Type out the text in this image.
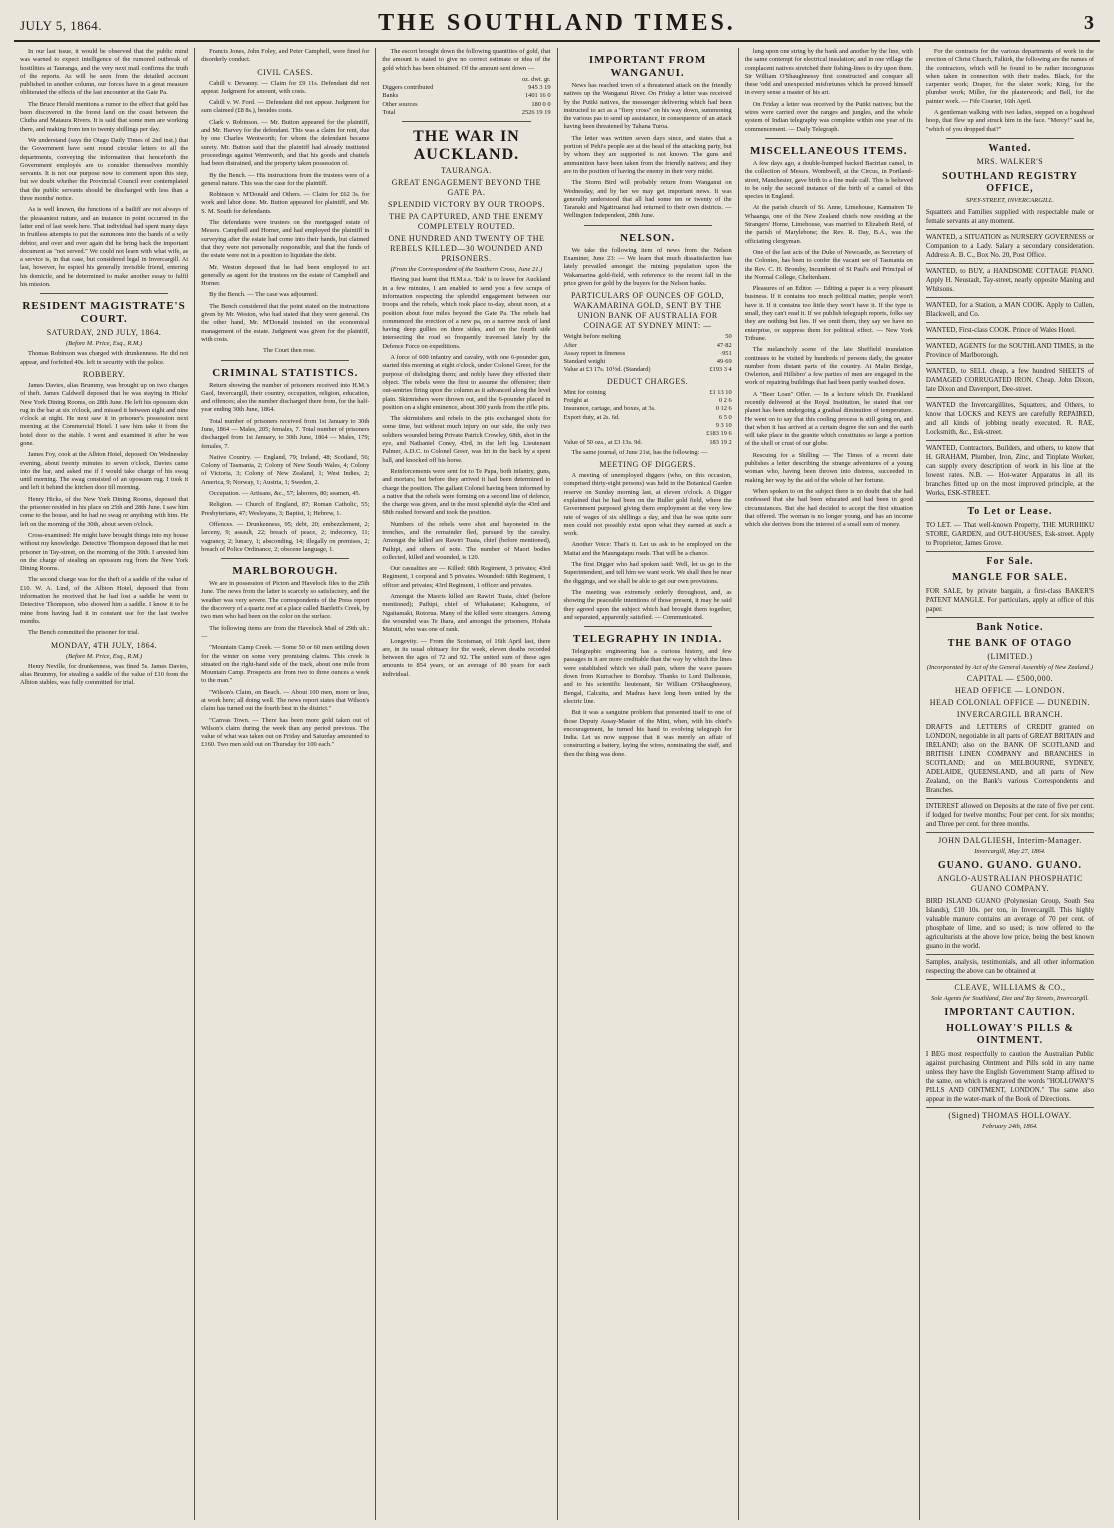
JULY 5, 1864.	THE SOUTHLAND TIMES.	3

In our last issue, it would be observed that the public mind was warned to expect intelligence of the rumored outbreak of hostilities at Tauranga, and the very next mail confirms the truth of the reports. As will be seen from the detailed account published in another column, our forces have in a great measure obliterated the effects of the last encounter at the Gate Pa.

The Bruce Herald mentions a rumor to the effect that gold has been discovered in the forest land on the coast between the Clutha and Mataura Rivers. It is said that some men are working there, and making from ten to twenty shillings per day.

We understand (says the Otago Daily Times of 2nd inst.) that the Government have sent round circular letters to all the departments, conveying the information that henceforth the Government employés are to consider themselves monthly servants. It is not our purpose now to comment upon this step, but we doubt whether the Provincial Council ever contemplated that the public servants should be discharged with less than a three months' notice.

As is well known, the functions of a bailiff are not always of the pleasantest nature, and an instance in point occurred in the latter end of last week here. That individual had spent many days in fruitless attempts to put the summons into the hands of a wily debtor, and over and over again did he bring back the important document as "not served." We could not learn with what wife, as a service is, in that case, but considered legal in Invercargill. At last, however, he espied his generally invisible friend, entering his domicile, and he determined to make another essay to fulfil his mission.

RESIDENT MAGISTRATE'S COURT.
SATURDAY, 2ND JULY, 1864.
(Before M. Price, Esq., R.M.)

Thomas Robinson was charged with drunkenness. He did not appear, and forfeited 40s. left in security with the police.

ROBBERY.

James Davies, alias Brummy, was brought up on two charges of theft. James Caldwell deposed that he was staying in Hicks' New York Dining Rooms, on 28th June. He left his opossum skin rug in the bar at six o'clock, and missed it between eight and nine o'clock at night. He next saw it in prisoner's possession next morning at the Commercial Hotel. I saw him take it from the hotel door to the stable. I went and examined it after he was gone.

James Foy, cook at the Albion Hotel, deposed: On Wednesday evening, about twenty minutes to seven o'clock, Davies came into the bar, and asked me if I would take charge of his swag until morning. The swag consisted of an opossum rug. I took it and left it behind the kitchen door till morning.

Henry Hicks, of the New York Dining Rooms, deposed that the prisoner resided in his place on 25th and 28th June. I saw him come to the house, and he had no swag or anything with him. He left on the morning of the 30th, about seven o'clock.

Cross-examined: He might have brought things into my house without my knowledge. Detective Thompson deposed that he met prisoner in Tay-street, on the morning of the 30th. I arrested him on the charge of stealing an opossum rug from the New York Dining Rooms.

The second charge was for the theft of a saddle of the value of £10. W. A. Lind, of the Albion Hotel, deposed that from information he received that he had lost a saddle he went to Detective Thompson, who showed him a saddle. I know it to be mine from having had it in constant use for the last twelve months.

The Bench committed the prisoner for trial.

MONDAY, 4TH JULY, 1864.
(Before M. Price, Esq., R.M.)

Henry Neville, for drunkenness, was fined 5s. James Davies, alias Brummy, for stealing a saddle of the value of £10 from the Albion stables, was fully committed for trial.

Francis Jones, John Foley, and Peter Campbell, were fined for disorderly conduct.

CIVIL CASES.

Cahill v. Devanny. — Claim for £9 11s. Defendant did not appear. Judgment for amount, with costs.

Cahill v. W. Ford. — Defendant did not appear. Judgment for sum claimed (£8 8s.), besides costs.

Clark v. Robinson. — Mr. Button appeared for the plaintiff, and Mr. Harvey for the defendant. This was a claim for rent, due by one Charles Wentworth; for whom the defendant became surety. Mr. Button said that the plaintiff had already instituted proceedings against Wentworth, and that his goods and chattels had been distrained, and the property taken possession of.

By the Bench. — His instructions from the trustees were of a general nature. This was the case for the plaintiff.

Robinson v. M'Donald and Others. — Claim for £62 3s. for work and labor done. Mr. Button appeared for plaintiff, and Mr. S. M. South for defendants.

The defendants were trustees on the mortgaged estate of Messrs. Campbell and Horner, and had employed the plaintiff in surveying after the estate had come into their hands, but claimed that they were not personally responsible, and that the funds of the estate were not in a position to liquidate the debt.

Mr. Weston deposed that he had been employed to act generally as agent for the trustees on the estate of Campbell and Horner.

By the Bench. — The case was adjourned.

The Bench considered that the point stated on the instructions given by Mr. Weston, who had stated that they were general. On the other hand, Mr. M'Donald insisted on the economical management of the estate. Judgment was given for the plaintiff, with costs.

The Court then rose.

CRIMINAL STATISTICS.

Return showing the number of prisoners received into H.M.'s Gaol, Invercargill, their country, occupation, religion, education, and offences; also the number discharged there from, for the half-year ending 30th June, 1864.

Total number of prisoners received from 1st January to 30th June, 1864 — Males, 205; females, 7. Total number of prisoners discharged from 1st January, to 30th June, 1864 — Males, 179; females, 7.

Native Country. — England, 79; Ireland, 48; Scotland, 56; Colony of Tasmania, 2; Colony of New South Wales, 4; Colony of Victoria, 3; Colony of New Zealand, 1; West Indies, 2; America, 9; Norway, 1; Austria, 1; Sweden, 2.

Occupation. — Artisans, &c., 57; laborers, 80; seamen, 45.

Religion. — Church of England, 87; Roman Catholic, 55; Presbyterians, 47; Wesleyans, 3; Baptist, 1; Hebrew, 1.

Offences. — Drunkenness, 95; debt, 20; embezzlement, 2; larceny, 9; assault, 22; breach of peace, 2; indecency, 11; vagrancy, 2; lunacy, 1; absconding, 14; illegally on premises, 2; breach of Police Ordinance, 2; obscene language, 1.

MARLBOROUGH.

We are in possession of Picton and Havelock files to the 25th June. The news from the latter is scarcely so satisfactory, and the weather was very severe. The correspondents of the Press report the discovery of a quartz reef at a place called Bartlett's Creek, by two men who had been on the color on the surface.

The following items are from the Havelock Mail of 29th ult.: —

"Mountain Camp Creek. — Some 50 or 60 men settling down for the winter on some very promising claims. This creek is situated on the right-hand side of the track, about one mile from Mountain Camp. Prospects are from two to three ounces a week to the man."

"Wilson's Claim, on Beach. — About 100 men, more or less, at work here; all doing well. The news report states that Wilson's claim has turned out the fourth best in the district."

"Canvas Town. — There has been more gold taken out of Wilson's claim during the week than any period previous. The value of what was taken out on Friday and Saturday amounted to £160. Two men sold out on Thursday for 100 each."

The escort brought down the following quantities of gold, that the amount is stated to give no correct estimate or idea of the gold which has been obtained. Of the amount sent down —

oz. dwt. gr.
Diggers contributed	945 3 19
Banks	1401 16 0
Other sources	180 0 0
Total	2526 19 19
THE WAR IN AUCKLAND.
TAURANGA.
GREAT ENGAGEMENT BEYOND THE GATE PA.
SPLENDID VICTORY BY OUR TROOPS.
THE PA CAPTURED, AND THE ENEMY COMPLETELY ROUTED.
ONE HUNDRED AND TWENTY OF THE REBELS KILLED—30 WOUNDED AND PRISONERS.
(From the Correspondent of the Southern Cross, June 21.)

Having just learnt that H.M.s.s. 'Esk' is to leave for Auckland in a few minutes, I am enabled to send you a few scraps of information respecting the splendid engagement between our troops and the rebels, which took place to-day, about noon, at a position about four miles beyond the Gate Pa. The rebels had commenced the erection of a new pa, on a narrow neck of land having deep gullies on three sides, and on the fourth side intersecting the road so frequently traversed lately by the Defence Force on expeditions.

A force of 600 infantry and cavalry, with one 6-pounder gun, started this morning at eight o'clock, under Colonel Greer, for the purpose of dislodging them; and nobly have they effected their object. The rebels were the first to assume the offensive; their out-sentries firing upon the column as it advanced along the level plain. Skirmishers were thrown out, and the 6-pounder placed in position on a slight eminence, about 300 yards from the rifle pits.

The skirmishers and rebels in the pits exchanged shots for some time, but without much injury on our side, the only two soldiers wounded being Private Patrick Crowley, 68th, shot in the eye, and Nathaniel Coney, 43rd, in the left leg. Lieutenant Palmer, A.D.C. to Colonel Greer, was hit in the back by a spent ball, and knocked off his horse.

Reinforcements were sent for to Te Papa, both infantry, guns, and mortars; but before they arrived it had been determined to charge the position. The gallant Colonel having been informed by a native that the rebels were forming on a second line of defence, the charge was given, and in the most splendid style the 43rd and 68th rushed forward and took the position.

Numbers of the rebels were shot and bayoneted in the trenches, and the remainder fled, pursued by the cavalry. Amongst the killed are Rawiri Tuaia, chief (before mentioned), Paihipi, and others of note. The number of Maori bodies collected, killed and wounded, is 120.

Our casualties are — Killed: 68th Regiment, 3 privates; 43rd Regiment, 1 corporal and 5 privates. Wounded: 68th Regiment, 1 officer and privates; 43rd Regiment, 1 officer and privates.

Amongst the Maoris killed are Rawiri Tuaia, chief (before mentioned); Paihipi, chief of Whakatane; Kahugunu, of Ngaitamaki, Rotorua. Many of the killed were strangers. Among the wounded was Te Ihara, and amongst the prisoners, Hohaia Matuiti, who was one of rank.

Longevity. — From the Scotsman, of 16th April last, there are, in its usual obituary for the week, eleven deaths recorded between the ages of 72 and 92. The united sum of these ages amounts to 854 years, or an average of 80 years for each individual.

IMPORTANT FROM WANGANUI.

News has reached town of a threatened attack on the friendly natives up the Wanganui River. On Friday a letter was received by the Putiki natives, the messenger delivering which had been instructed to act as a "fiery cross" on his way down, summoning the various pas to send up assistance, in consequence of an attack having been threatened by Tahana Turoa.

The letter was written seven days since, and states that a portion of Pehi's people are at the head of the attacking party, but by whom they are supported is not known. The guns and ammunition have been taken from the friendly natives; and they are in the position of having the enemy in their very midst.

The Storm Bird will probably return from Wanganui on Wednesday, and by her we may get important news. It was generally understood that all had some ten or twenty of the Taranaki and Ngatiruanui had returned to their own districts. — Wellington Independent, 28th June.

NELSON.

We take the following item of news from the Nelson Examiner, June 23: — We learn that much dissatisfaction has lately prevailed amongst the mining population upon the Wakamarina gold-field, with reference to the recent fall in the price given for gold by the buyers for the Nelson banks.

PARTICULARS OF OUNCES OF GOLD, WAKAMARINA GOLD, SENT BY THE UNION BANK OF AUSTRALIA FOR COINAGE AT SYDNEY MINT: —
Weight before melting	50
After	47·82
Assay report in fineness	·951
Standard weight	49·69
Value at £3 17s. 10½d. (Standard)	£193 3 4
DEDUCT CHARGES.
Mint for coining	£1 13 10
Freight at	0 2 6
Insurance, cartage, and boxes, at 3s.	0 12 6
Export duty, at 2s. 6d.	6 5 0
9 3 10
£183 19 6
Value of 50 ozs., at £3 13s. 9d.	183 19 2

The same journal, of June 21st, has the following: —

MEETING OF DIGGERS.

A meeting of unemployed diggers (who, on this occasion, comprised thirty-eight persons) was held in the Botanical Garden reserve on Sunday morning last, at eleven o'clock. A Digger explained that he had been on the Buller gold field, where the Government purposed giving them employment at the very low rate of wages of six shillings a day, and that he was quite sure men could not possibly exist upon what they earned at such a work.

Another Voice: That's it. Let us ask to be employed on the Maitai and the Maungatapu roads. That will be a chance.

The first Digger who had spoken said: Well, let us go to the Superintendent, and tell him we want work. We shall then be near the diggings, and we shall be able to get our own provisions.

The meeting was extremely orderly throughout, and, as showing the peaceable intentions of those present, it may be said they agreed upon the subject which had brought them together, and separated, apparently satisfied. — Communicated.

TELEGRAPHY IN INDIA.

Telegraphic engineering has a curious history, and few passages in it are more creditable than the way by which the lines were established which we shall pain, where the wave passes down from Kurrachee to Bombay. Thanks to Lord Dalhousie, and to his scientific lieutenant, Sir William O'Shaughnessy, Bengal, Calcutta, and Madras have long been united by the electric line.

But it was a sanguine problem that presented itself to one of those Deputy Assay-Master of the Mint, when, with his chief's encouragement, he turned his hand to evolving telegraph for India. Let us now suppose that it was merely an affair of constructing a battery, laying the wires, nominating the staff, and then the thing was done.

lung upon one string by the bank and another by the line, with the same contempt for electrical insulation; and in one village the complacent natives stretched their fishing-lines to dry upon them. Sir William O'Shaughnessy first constructed and conquer all these 'odd and unexpected misfortunes which he proved himself in every sense a master of his art.

On Friday a letter was received by the Putiki natives; but the wires were carried over the ranges and jungles, and the whole system of Indian telegraphy was complete within one year of its commencement. — Daily Telegraph.

MISCELLANEOUS ITEMS.

A few days ago, a double-humped backed Bactrian camel, in the collection of Messrs. Wombwell, at the Circus, in Portland-street, Manchester, gave birth to a fine male calf. This is believed to be only the second instance of the birth of a camel of this species in England.

At the parish church of St. Anne, Limehouse, Kannairen Te Whaanga, one of the New Zealand chiefs now residing at the Strangers' Home, Limehouse, was married to Elizabeth Reid, of the parish of Marylebone; the Rev. R. Day, B.A., was the officiating clergyman.

One of the last acts of the Duke of Newcastle, as Secretary of the Colonies, has been to confer the vacant see of Tasmania on the Rev. C. H. Bromby, Incumbent of St Paul's and Principal of the Normal College, Cheltenham.

Pleasures of an Editor. — Editing a paper is a very pleasant business. If it contains too much political matter, people won't have it. If it contains too little they won't have it. If the type is small, they can't read it. If we publish telegraph reports, folks say they are nothing but lies. If we omit them, they say we have no enterprise, or suppress them for political effect. — New York Tribune.

The melancholy scene of the late Sheffield inundation continues to be visited by hundreds of persons daily, the greater number from distant parts of the country. At Malin Bridge, Owlerton, and Hillsbro' a few parties of men are engaged in the work of repairing buildings that had been partly washed down.

A "Beer Loan" Offer. — In a lecture which Dr. Frankland recently delivered at the Royal Institution, he stated that our planet has been undergoing a gradual diminution of temperature. He went on to say that this cooling process is still going on, and that when it has arrived at a certain degree the sun and the earth will take place in the granite which constitutes so large a portion of the shell or crust of our globe.

Rescuing for a Shilling — The Times of a recent date publishes a letter describing the strange adventures of a young woman who, having been thrown into distress, succeeded in making her way by the aid of the whole of her fortune.

When spoken to on the subject there is no doubt that she had confessed that she had been educated and had been in good circumstances. But she had decided to accept the first situation that offered. The woman is no longer young, and has an income which she derives from the interest of a small sum of money.

For the contracts for the various departments of work in the erection of Christ Church, Falkirk, the following are the names of the contractors, which will be found to be rather incongruous when taken in connection with their trades. Black, for the carpenter work; Draper, for the slater work; King, for the plumber work; Miller, for the plasterwork; and Bell, for the painter work. — Fife Courier, 16th April.

A gentleman walking with two ladies, stepped on a hogshead hoop, that flew up and struck him in the face. "Mercy!" said he, "which of you dropped that?"

Wanted.
MRS. WALKER'S
SOUTHLAND REGISTRY OFFICE,
SPEY-STREET, INVERCARGILL.
Squatters and Families supplied with respectable male or female servants at any moment.
WANTED, a SITUATION as NURSERY GOVERNESS or Companion to a Lady. Salary a secondary consideration. Address A. B. C., Box No. 20, Post Office.
WANTED, to BUY, a HANDSOME COTTAGE PIANO. Apply H. Neustadt, Tay-street, nearly opposite Maning and Whitsons.
WANTED, for a Station, a MAN COOK. Apply to Cullen, Blackwell, and Co.
WANTED, First-class COOK. Prince of Wales Hotel.
WANTED, AGENTS for the SOUTHLAND TIMES, in the Province of Marlborough.
WANTED, to SELL cheap, a few hundred SHEETS of DAMAGED CORRUGATED IRON. Cheap. John Dixon, late Dixon and Davenport, Dee-street.
WANTED the Invercargillites, Squatters, and Others, to know that LOCKS and KEYS are carefully REPAIRED, and all kinds of jobbing neatly executed. R. RAE, Locksmith, &c., Esk-street.
WANTED, Contractors, Builders, and others, to know that H. GRAHAM, Plumber, Iron, Zinc, and Tinplate Worker, can supply every description of work in his line at the lowest rates. N.B. — Hot-water Apparatus in all its branches fitted up on the most improved principle, at the Works, ESK-STREET.
To Let or Lease.
TO LET. — That well-known Property, THE MURIHIKU STORE, GARDEN, and OUT-HOUSES, Esk-street. Apply to Proprietor, James Grove.
For Sale.
MANGLE FOR SALE.
FOR SALE, by private bargain, a first-class BAKER'S PATENT MANGLE. For particulars, apply at office of this paper.
Bank Notice.
THE BANK OF OTAGO
(LIMITED.)
(Incorporated by Act of the General Assembly of New Zealand.)
CAPITAL — £500,000.
HEAD OFFICE — LONDON.
HEAD COLONIAL OFFICE — DUNEDIN.
INVERCARGILL BRANCH.
DRAFTS and LETTERS of CREDIT granted on LONDON, negotiable in all parts of GREAT BRITAIN and IRELAND; also on the BANK OF SCOTLAND and BRITISH LINEN COMPANY and BRANCHES in SCOTLAND; and on MELBOURNE, SYDNEY, ADELAIDE, QUEENSLAND, and all parts of New Zealand, on the Bank's various Correspondents and Branches.
INTEREST allowed on Deposits at the rate of five per cent. if lodged for twelve months; Four per cent. for six months; and Three per cent. for three months.
JOHN DALGLIESH, Interim-Manager.
Invercargill, May 27, 1864.
GUANO. GUANO. GUANO.
ANGLO-AUSTRALIAN PHOSPHATIC GUANO COMPANY.
BIRD ISLAND GUANO (Polynesian Group, South Sea Islands), £10 10s. per ton, in Invercargill. This highly valuable manure contains an average of 70 per cent. of phosphate of lime, and so used; is now offered to the agriculturists at the above low price, being the best known guano in the world.
Samples, analysis, testimonials, and all other information respecting the above can be obtained at
CLEAVE, WILLIAMS & CO.,
Sole Agents for Southland, Dee and Tay Streets, Invercargill.
IMPORTANT CAUTION.
HOLLOWAY'S PILLS & OINTMENT.
I BEG most respectfully to caution the Australian Public against purchasing Ointment and Pills sold in any name unless they have the English Government Stamp affixed to the same, on which is engraved the words "HOLLOWAY'S PILLS AND OINTMENT, LONDON." The same also appear in the water-mark of the Book of Directions.
(Signed) THOMAS HOLLOWAY.
February 24th, 1864.
